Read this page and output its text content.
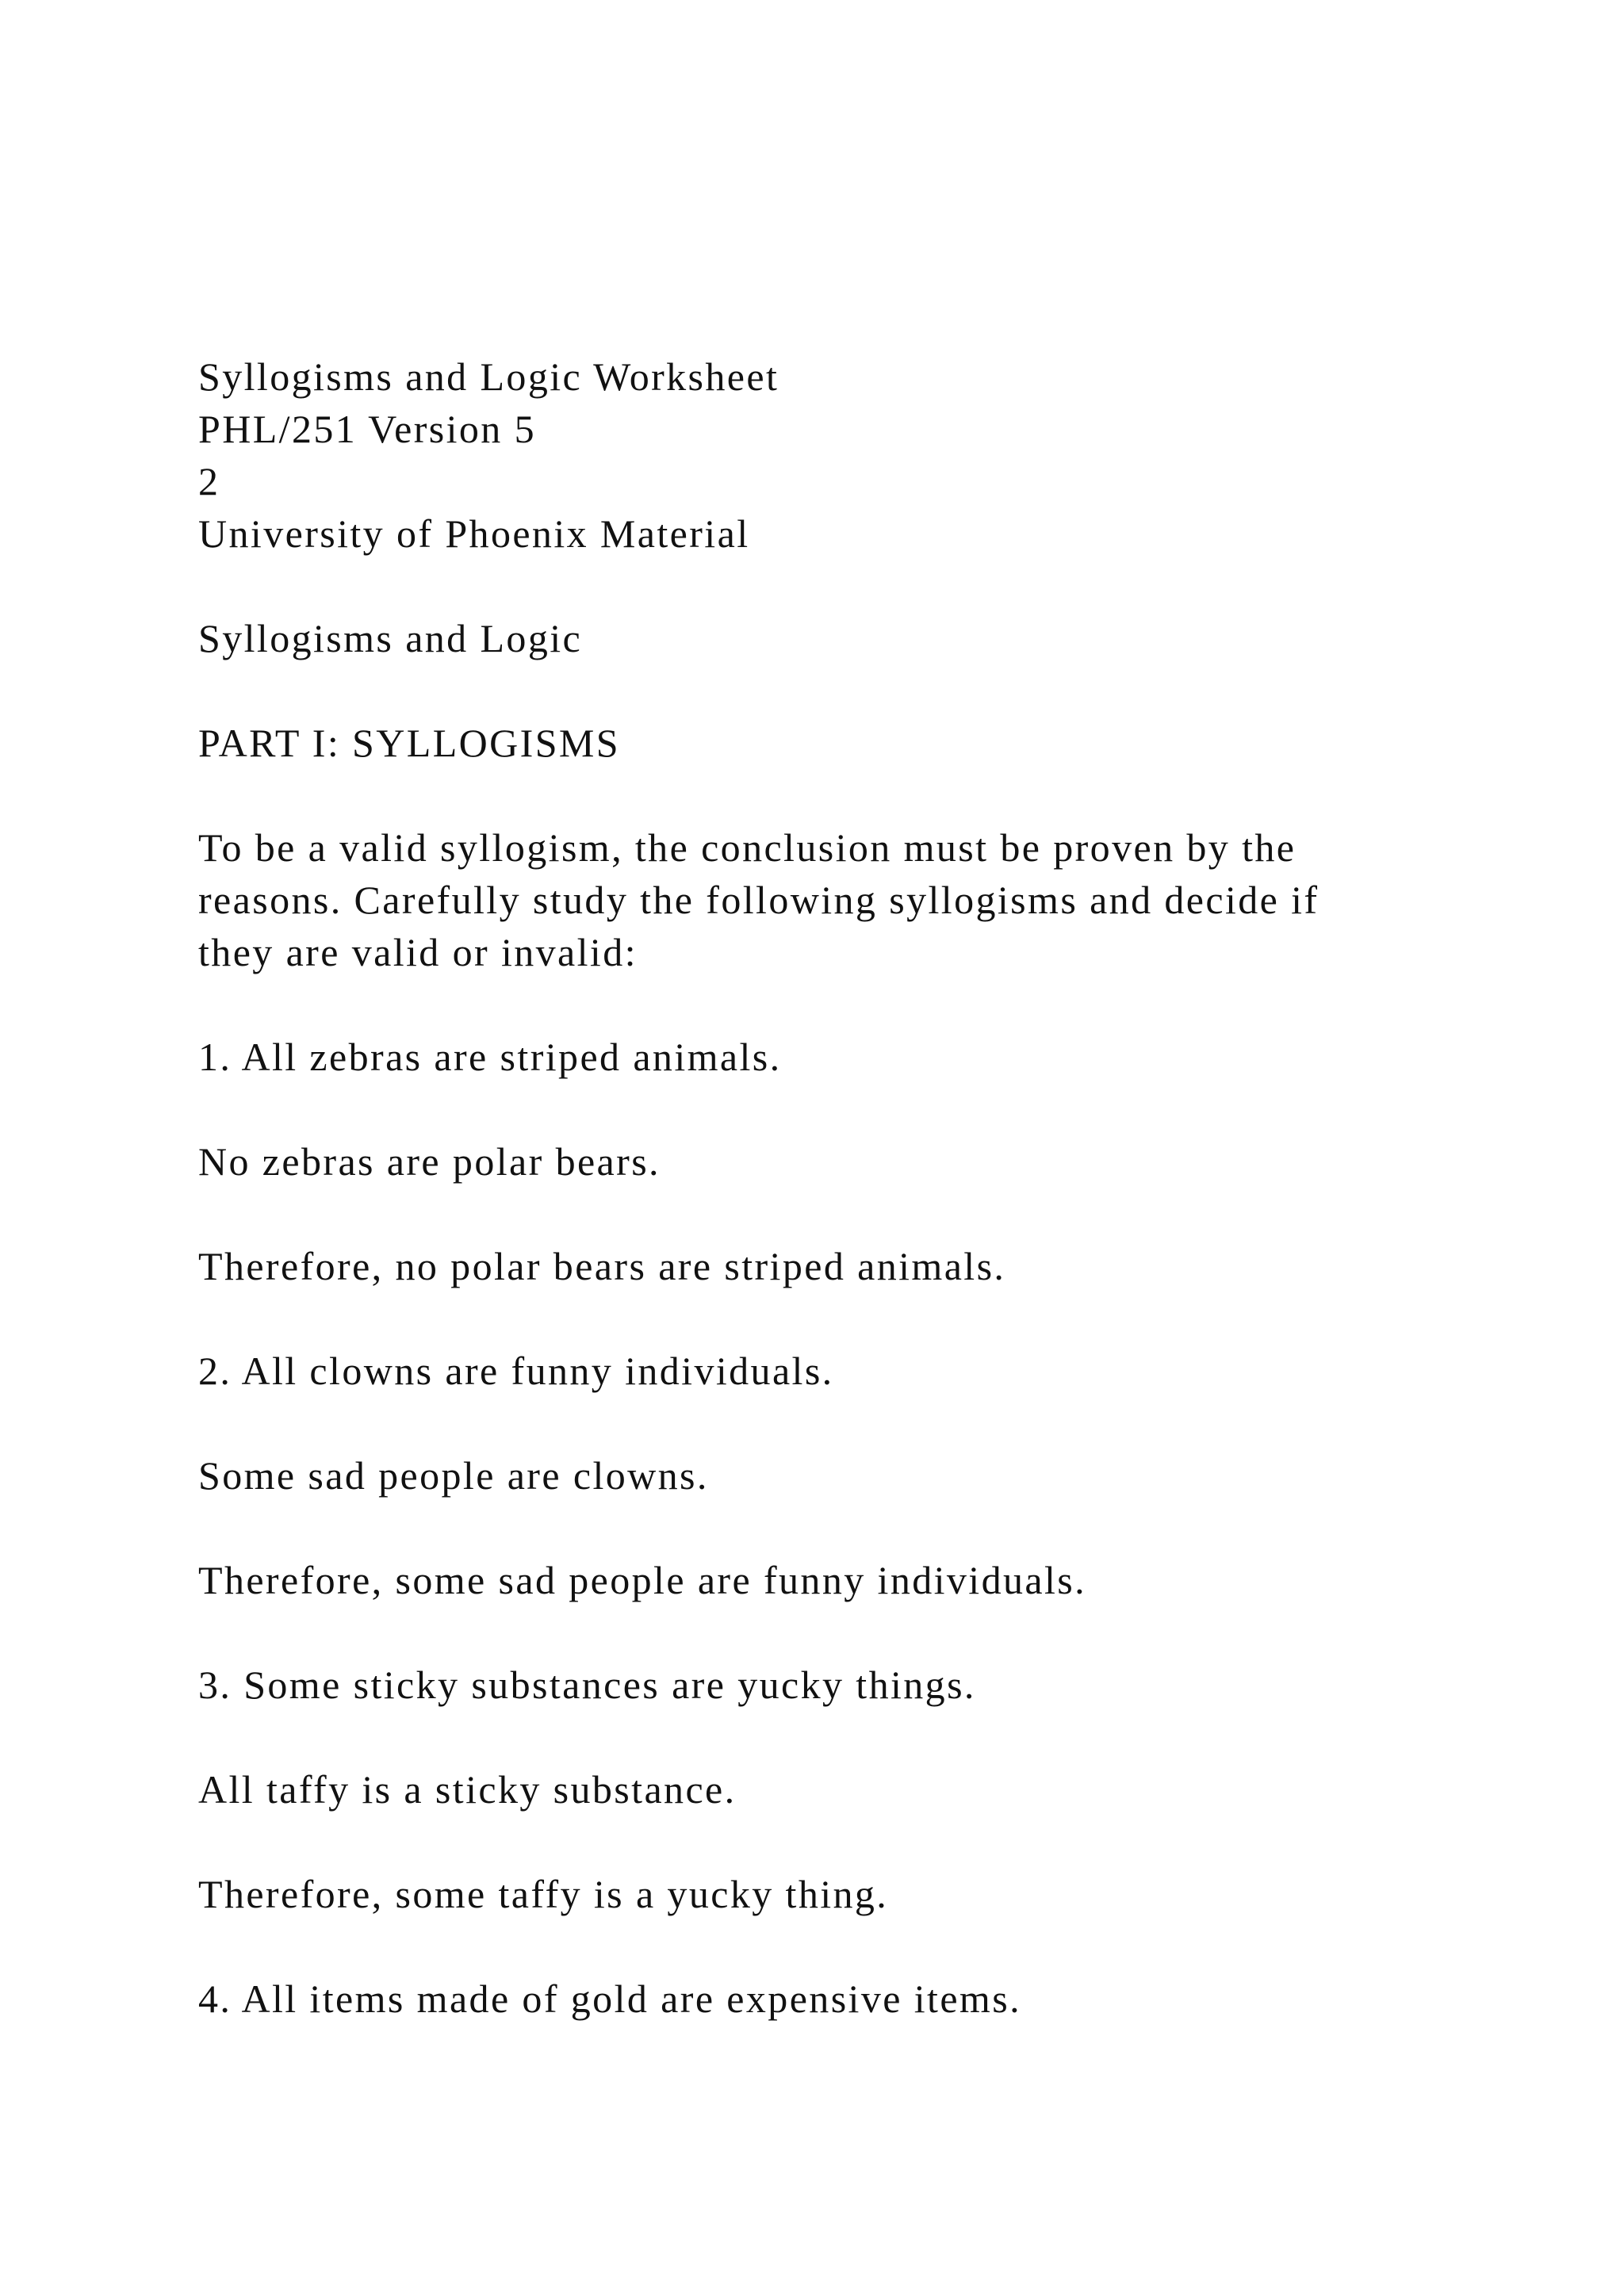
Syllogisms and Logic Worksheet
PHL/251 Version 5
2
University of Phoenix Material
Syllogisms and Logic
PART I: SYLLOGISMS
To be a valid syllogism, the conclusion must be proven by the
reasons. Carefully study the following syllogisms and decide if
they are valid or invalid:
1. All zebras are striped animals.
No zebras are polar bears.
Therefore, no polar bears are striped animals.
2. All clowns are funny individuals.
Some sad people are clowns.
Therefore, some sad people are funny individuals.
3. Some sticky substances are yucky things.
All taffy is a sticky substance.
Therefore, some taffy is a yucky thing.
4. All items made of gold are expensive items.
